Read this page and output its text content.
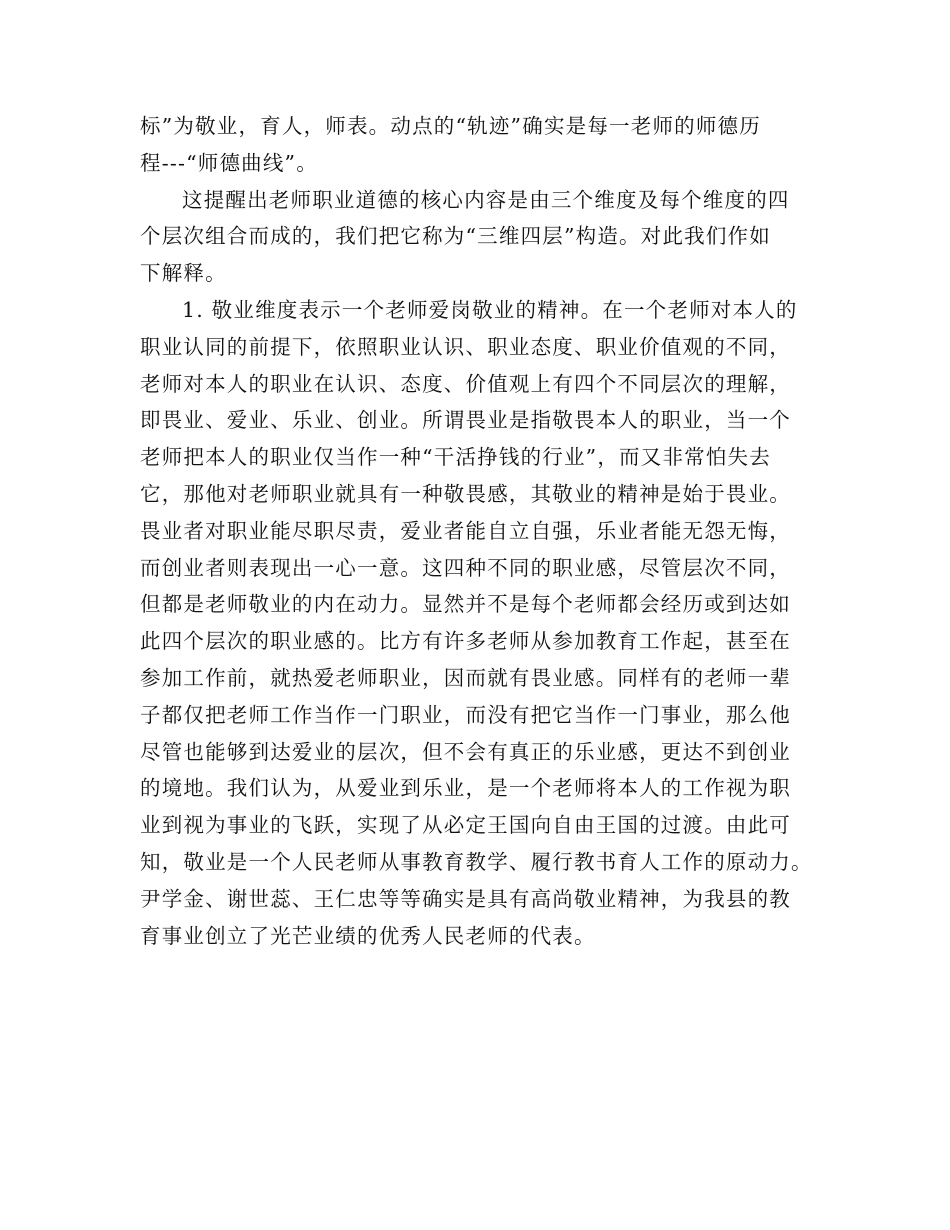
标”为敬业，育人，师表。动点的“轨迹”确实是每一老师的师德历
程---“师德曲线”。
这提醒出老师职业道德的核心内容是由三个维度及每个维度的四
个层次组合而成的，我们把它称为“三维四层”构造。对此我们作如
下解释。
1. 敬业维度表示一个老师爱岗敬业的精神。在一个老师对本人的
职业认同的前提下，依照职业认识、职业态度、职业价值观的不同，
老师对本人的职业在认识、态度、价值观上有四个不同层次的理解，
即畏业、爱业、乐业、创业。所谓畏业是指敬畏本人的职业，当一个
老师把本人的职业仅当作一种“干活挣钱的行业”，而又非常怕失去
它，那他对老师职业就具有一种敬畏感，其敬业的精神是始于畏业。
畏业者对职业能尽职尽责，爱业者能自立自强，乐业者能无怨无悔，
而创业者则表现出一心一意。这四种不同的职业感，尽管层次不同，
但都是老师敬业的内在动力。显然并不是每个老师都会经历或到达如
此四个层次的职业感的。比方有许多老师从参加教育工作起，甚至在
参加工作前，就热爱老师职业，因而就有畏业感。同样有的老师一辈
子都仅把老师工作当作一门职业，而没有把它当作一门事业，那么他
尽管也能够到达爱业的层次，但不会有真正的乐业感，更达不到创业
的境地。我们认为，从爱业到乐业，是一个老师将本人的工作视为职
业到视为事业的飞跃，实现了从必定王国向自由王国的过渡。由此可
知，敬业是一个人民老师从事教育教学、履行教书育人工作的原动力。
尹学金、谢世蕊、王仁忠等等确实是具有高尚敬业精神，为我县的教
育事业创立了光芒业绩的优秀人民老师的代表。
